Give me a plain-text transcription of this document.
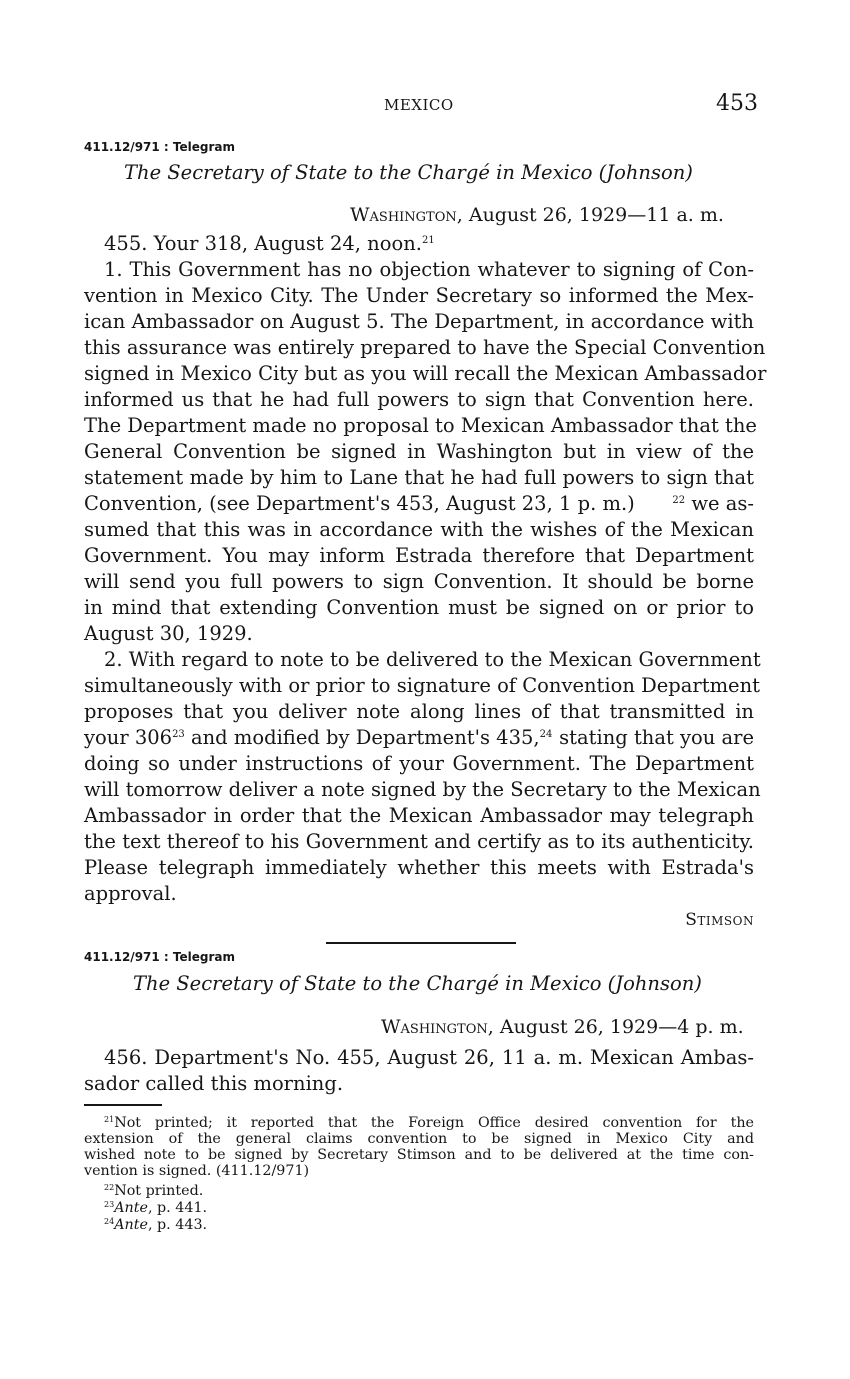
MEXICO	453
411.12/971 : Telegram
The Secretary of State to the Chargé in Mexico (Johnson)
Washington, August 26, 1929—11 a. m.
455. Your 318, August 24, noon.$^{21}$
1. This Government has no objection whatever to signing of Con-
vention in Mexico City. The Under Secretary so informed the Mex-
ican Ambassador on August 5. The Department, in accordance with
this assurance was entirely prepared to have the Special Convention
signed in Mexico City but as you will recall the Mexican Ambassador
informed us that he had full powers to sign that Convention here.
The Department made no proposal to Mexican Ambassador that the
General Convention be signed in Washington but in view of the
statement made by him to Lane that he had full powers to sign that
Convention, (see Department's 453, August 23, 1 p. m.)	$^{22}$ we as-
sumed that this was in accordance with the wishes of the Mexican
Government. You may inform Estrada therefore that Department
will send you full powers to sign Convention. It should be borne
in mind that extending Convention must be signed on or prior to
August 30, 1929.
2. With regard to note to be delivered to the Mexican Government
simultaneously with or prior to signature of Convention Department
proposes that you deliver note along lines of that transmitted in
your $306^{23}$ and modified by Department's 435,24 stating that you are
doing so under instructions of your Government. The Department
will tomorrow deliver a note signed by the Secretary to the Mexican
Ambassador in order that the Mexican Ambassador may telegraph
the text thereof to his Government and certify as to its authenticity.
Please telegraph immediately whether this meets with Estrada's
approval.
Stimson
411.12/971 : Telegram
The Secretary of State to the Chargé in Mexico (Johnson)
Washington, August 26, 1929—4 p. m.
456. Department's No. 455, August 26, 11 a. m. Mexican Ambas-
sador called this morning.
$^{21}$Not printed; it reported that the Foreign Office desired convention for the
extension of the general claims convention to be signed in Mexico City and
wished note to be signed by Secretary Stimson and to be delivered at the time con-
vention is signed. (411.12/971)
$^{22}$Not printed.
$^{23}$Ante, p. 441.
$^{24}$Ante, p. 443.
